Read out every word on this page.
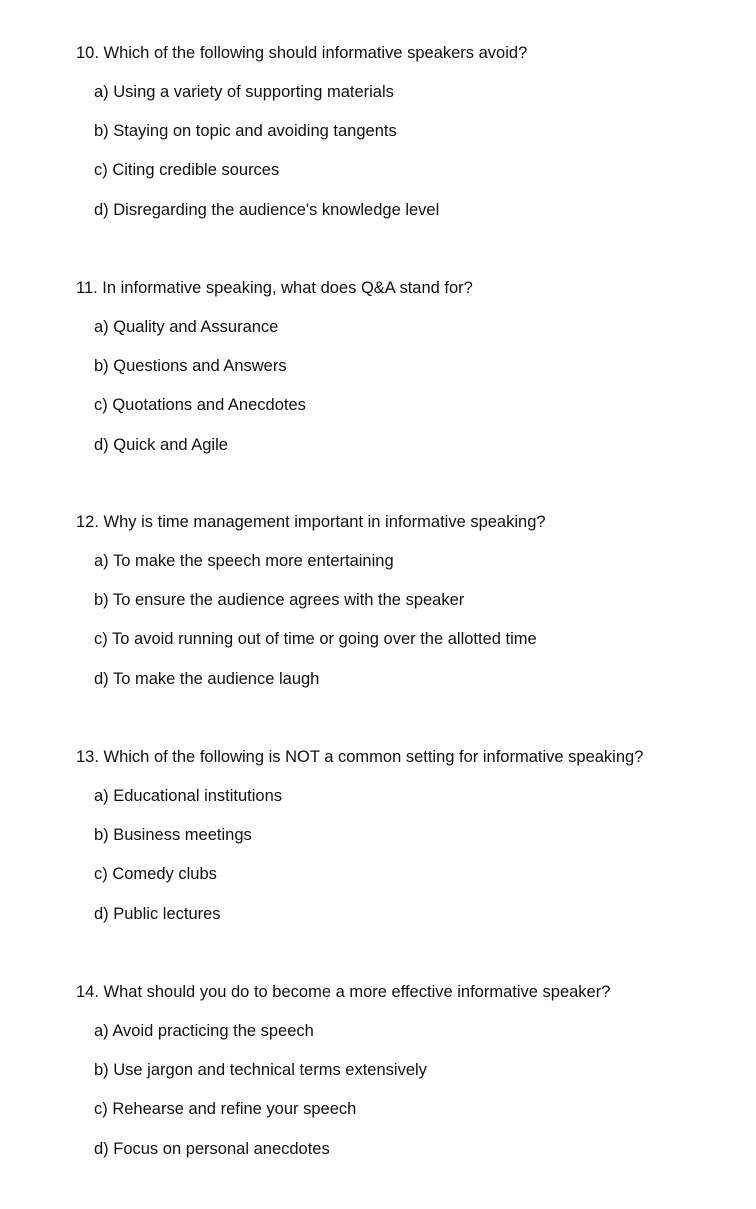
10. Which of the following should informative speakers avoid?
a) Using a variety of supporting materials
b) Staying on topic and avoiding tangents
c) Citing credible sources
d) Disregarding the audience's knowledge level
11. In informative speaking, what does Q&A stand for?
a) Quality and Assurance
b) Questions and Answers
c) Quotations and Anecdotes
d) Quick and Agile
12. Why is time management important in informative speaking?
a) To make the speech more entertaining
b) To ensure the audience agrees with the speaker
c) To avoid running out of time or going over the allotted time
d) To make the audience laugh
13. Which of the following is NOT a common setting for informative speaking?
a) Educational institutions
b) Business meetings
c) Comedy clubs
d) Public lectures
14. What should you do to become a more effective informative speaker?
a) Avoid practicing the speech
b) Use jargon and technical terms extensively
c) Rehearse and refine your speech
d) Focus on personal anecdotes
